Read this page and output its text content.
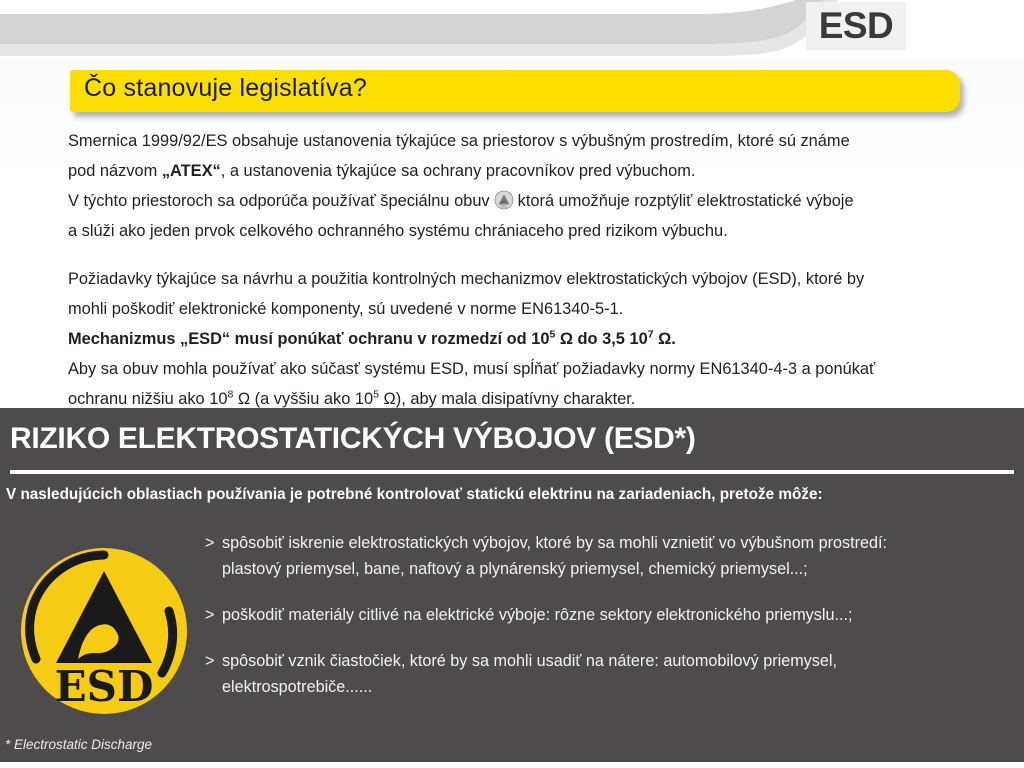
ESD
Čo stanovuje legislatíva?
Smernica 1999/92/ES obsahuje ustanovenia týkajúce sa priestorov s výbušným prostredím, ktoré sú známe
pod názvom „ATEX“, a ustanovenia týkajúce sa ochrany pracovníkov pred výbuchom.
V týchto priestoroch sa odporúča používať špeciálnu obuv ESD ktorá umožňuje rozptýliť elektrostatické výboje
a slúži ako jeden prvok celkového ochranného systému chrániaceho pred rizikom výbuchu.
Požiadavky týkajúce sa návrhu a použitia kontrolných mechanizmov elektrostatických výbojov (ESD), ktoré by
mohli poškodiť elektronické komponenty, sú uvedené v norme EN61340-5-1.
Mechanizmus „ESD“ musí ponúkať ochranu v rozmedzí od $10^5$ Ω do 3,5 $10^7$ Ω.
Aby sa obuv mohla používať ako súčasť systému ESD, musí spĺňať požiadavky normy EN61340-4-3 a ponúkať
ochranu nižšiu ako $10^8$ Ω (a vyššiu ako $10^5$ Ω), aby mala disipatívny charakter.
RIZIKO ELEKTROSTATICKÝCH VÝBOJOV (ESD*)
V nasledujúcich oblastiach používania je potrebné kontrolovať statickú elektrinu na zariadeniach, pretože môže:
ESD
> spôsobiť iskrenie elektrostatických výbojov, ktoré by sa mohli vznietiť vo výbušnom prostredí:
plastový priemysel, bane, naftový a plynárenský priemysel, chemický priemysel...;
> poškodiť materiály citlivé na elektrické výboje: rôzne sektory elektronického priemyslu...;
> spôsobiť vznik čiastočiek, ktoré by sa mohli usadiť na nátere: automobilový priemysel,
elektrospotrebiče......
* Electrostatic Discharge
